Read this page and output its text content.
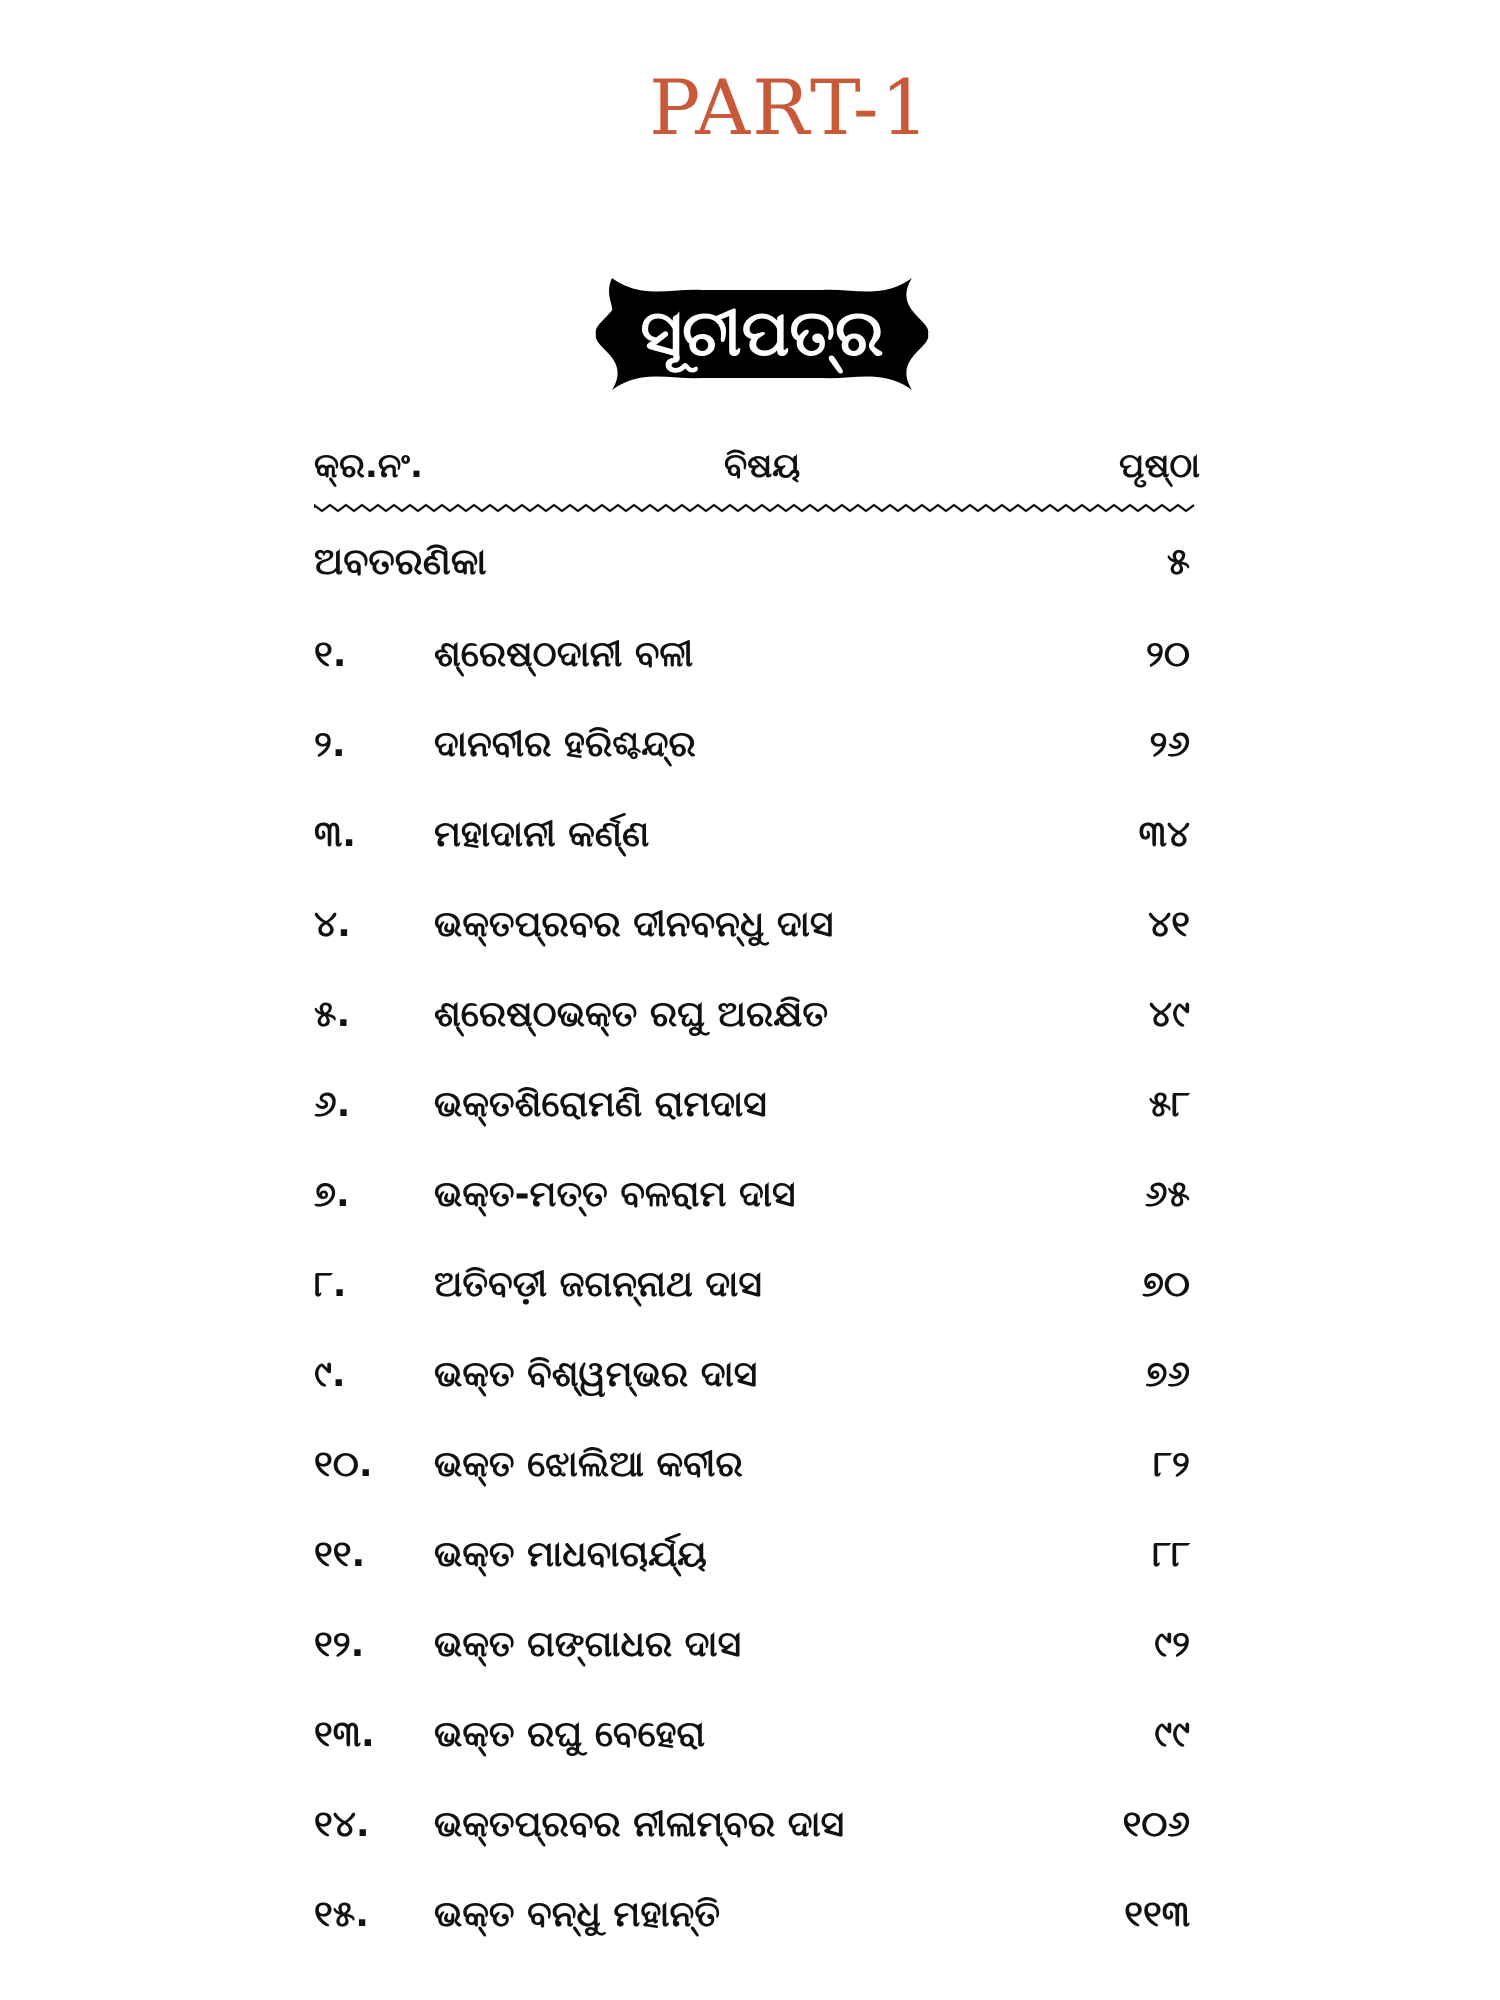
PART-1
ସୂଚୀପତ୍ର
କ୍ର.ନଂ.	ବିଷୟ	ପୃଷ୍ଠା
ଅବତରଣିକା	୫
୧. ଶ୍ରେଷ୍ଠଦାନୀ ବଳୀ	୨୦
୨. ଦାନବୀର ହରିଶ୍ଚନ୍ଦ୍ର	୨୬
୩. ମହାଦାନୀ କର୍ଣ୍ଣ	୩୪
୪. ଭକ୍ତପ୍ରବର ଦୀନବନ୍ଧୁ ଦାସ	୪୧
୫. ଶ୍ରେଷ୍ଠଭକ୍ତ ରଘୁ ଅରକ୍ଷିତ	୪୯
୬. ଭକ୍ତଶିରୋମଣି ରାମଦାସ	୫୮
୭. ଭକ୍ତ-ମତ୍ତ ବଳରାମ ଦାସ	୬୫
୮. ଅତିବଡ଼ୀ ଜଗନ୍ନାଥ ଦାସ	୭୦
୯. ଭକ୍ତ ବିଶ୍ୱମ୍ଭର ଦାସ	୭୬
୧୦. ଭକ୍ତ ଝୋଲିଆ କବୀର	୮୨
୧୧. ଭକ୍ତ ମାଧବାଚାର୍ଯ୍ୟ	୮୮
୧୨. ଭକ୍ତ ଗଙ୍ଗାଧର ଦାସ	୯୨
୧୩. ଭକ୍ତ ରଘୁ ବେହେରା	୯୯
୧୪. ଭକ୍ତପ୍ରବର ନୀଳାମ୍ବର ଦାସ	୧୦୬
୧୫. ଭକ୍ତ ବନ୍ଧୁ ମହାନ୍ତି	୧୧୩
